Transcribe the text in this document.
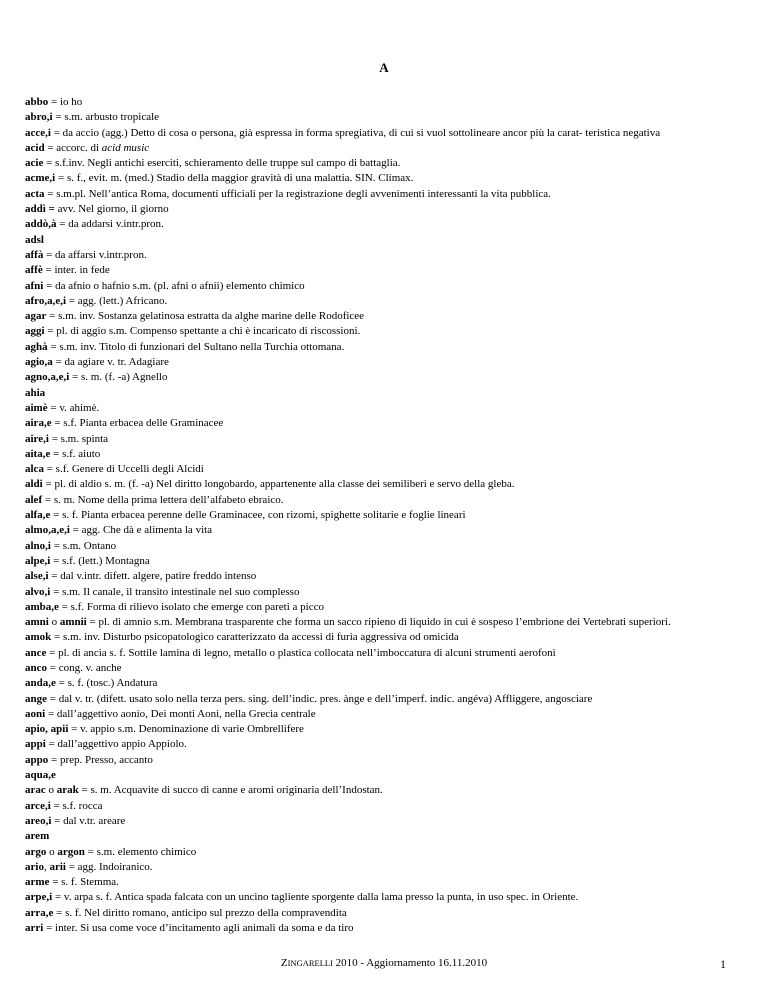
A

abbo = io ho

abro,i = s.m. arbusto tropicale

acce,i = da accio (agg.) Detto di cosa o persona, già espressa in forma spregiativa, di cui si vuol sottolineare ancor più la carat- teristica negativa

acid = accorc. di acid music

acie = s.f.inv. Negli antichi eserciti, schieramento delle truppe sul campo di battaglia.

acme,i = s. f., evit. m. (med.) Stadio della maggior gravità di una malattia. SIN. Climax.

acta = s.m.pl. Nell’antica Roma, documenti ufficiali per la registrazione degli avvenimenti interessanti la vita pubblica.

addì = avv. Nel giorno, il giorno

addò,à = da addarsi v.intr.pron.

adsl

affà = da affarsi v.intr.pron.

affè = inter. in fede

afni = da afnio o hafnio s.m. (pl. afni o afnii) elemento chimico

afro,a,e,i = agg. (lett.) Africano.

agar = s.m. inv. Sostanza gelatinosa estratta da alghe marine delle Rodoficee

aggi = pl. di aggio s.m. Compenso spettante a chi è incaricato di riscossioni.

aghà = s.m. inv. Titolo di funzionari del Sultano nella Turchia ottomana.

agio,a = da agiare v. tr. Adagiare

agno,a,e,i = s. m. (f. -a) Agnello

ahia

aimè = v. ahimè.

aira,e = s.f. Pianta erbacea delle Graminacee

aire,i = s.m. spinta

aita,e = s.f. aiuto

alca = s.f. Genere di Uccelli degli Alcidi

aldi = pl. di aldio s. m. (f. -a) Nel diritto longobardo, appartenente alla classe dei semiliberi e servo della gleba.

alef = s. m. Nome della prima lettera dell’alfabeto ebraico.

alfa,e = s. f. Pianta erbacea perenne delle Graminacee, con rizomi, spighette solitarie e foglie lineari

almo,a,e,i = agg. Che dà e alimenta la vita

alno,i = s.m. Ontano

alpe,i = s.f. (lett.) Montagna

alse,i = dal v.intr. difett. algere, patire freddo intenso

alvo,i = s.m. Il canale, il transito intestinale nel suo complesso

amba,e = s.f. Forma di rilievo isolato che emerge con pareti a picco

amni o amnii = pl. di amnio s.m. Membrana trasparente che forma un sacco ripieno di liquido in cui è sospeso l’embrione dei Vertebrati superiori.

amok = s.m. inv. Disturbo psicopatologico caratterizzato da accessi di furia aggressiva od omicida

ance = pl. di ancia s. f. Sottile lamina di legno, metallo o plastica collocata nell’imboccatura di alcuni strumenti aerofoni

anco = cong. v. anche

anda,e = s. f. (tosc.) Andatura

ange = dal v. tr. (difett. usato solo nella terza pers. sing. dell’indic. pres. ànge e dell’imperf. indic. angéva) Affliggere, angosciare

aoni = dall’aggettivo aonio, Dei monti Aoni, nella Grecia centrale

apio, apii = v. appio s.m. Denominazione di varie Ombrellifere

appi = dall’aggettivo appio Appiolo.

appo = prep. Presso, accanto

aqua,e

arac o arak = s. m. Acquavite di succo di canne e aromi originaria dell’Indostan.

arce,i = s.f. rocca

areo,i = dal v.tr. areare

arem

argo o argon = s.m. elemento chimico

ario, arii = agg. Indoiranico.

arme = s. f. Stemma.

arpe,i = v. arpa s. f. Antica spada falcata con un uncino tagliente sporgente dalla lama presso la punta, in uso spec. in Oriente.

arra,e = s. f. Nel diritto romano, anticipo sul prezzo della compravendita

arri = inter. Si usa come voce d’incitamento agli animali da soma e da tiro

ZINGARELLI 2010 - Aggiornamento 16.11.2010	1
